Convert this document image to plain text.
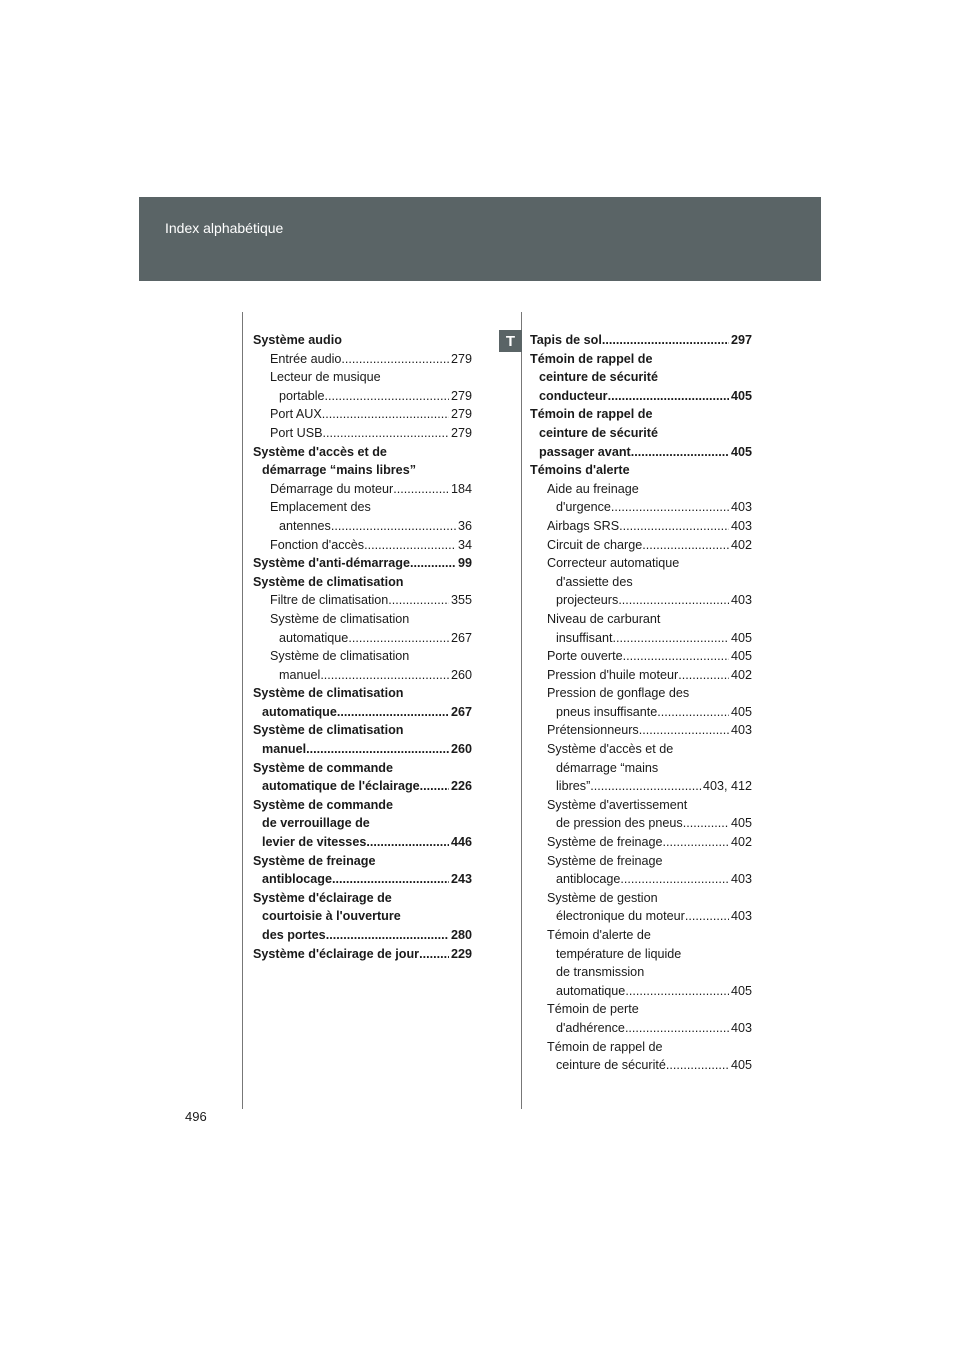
Index alphabétique
T
Système audio
Entrée audio .....	279
Lecteur de musique
portable .....	279
Port AUX .....	279
Port USB .....	279
Système d'accès et de
démarrage “mains libres”
Démarrage du moteur .....	184
Emplacement des
antennes .....	36
Fonction d'accès .....	34
Système d'anti-démarrage .....	99
Système de climatisation
Filtre de climatisation .....	355
Système de climatisation
automatique .....	267
Système de climatisation
manuel .....	260
Système de climatisation
automatique .....	267
Système de climatisation
manuel .....	260
Système de commande
automatique de l'éclairage ..... 226
Système de commande
de verrouillage de
levier de vitesses .....	446
Système de freinage
antiblocage .....	243
Système d'éclairage de
courtoisie à l'ouverture
des portes .....	280
Système d'éclairage de jour .....	229
Tapis de sol .....	297
Témoin de rappel de
ceinture de sécurité
conducteur .....	405
Témoin de rappel de
ceinture de sécurité
passager avant .....	405
Témoins d'alerte
Aide au freinage
d'urgence .....	403
Airbags SRS .....	403
Circuit de charge .....	402
Correcteur automatique
d'assiette des
projecteurs .....	403
Niveau de carburant
insuffisant .....	405
Porte ouverte .....	405
Pression d'huile moteur .....	402
Pression de gonflage des
pneus insuffisante .....	405
Prétensionneurs .....	403
Système d'accès et de
démarrage “mains
libres” .....	403, 412
Système d'avertissement
de pression des pneus .....	405
Système de freinage .....	402
Système de freinage
antiblocage .....	403
Système de gestion
électronique du moteur .....	403
Témoin d'alerte de
température de liquide
de transmission
automatique .....	405
Témoin de perte
d'adhérence .....	403
Témoin de rappel de
ceinture de sécurité .....	405
496
